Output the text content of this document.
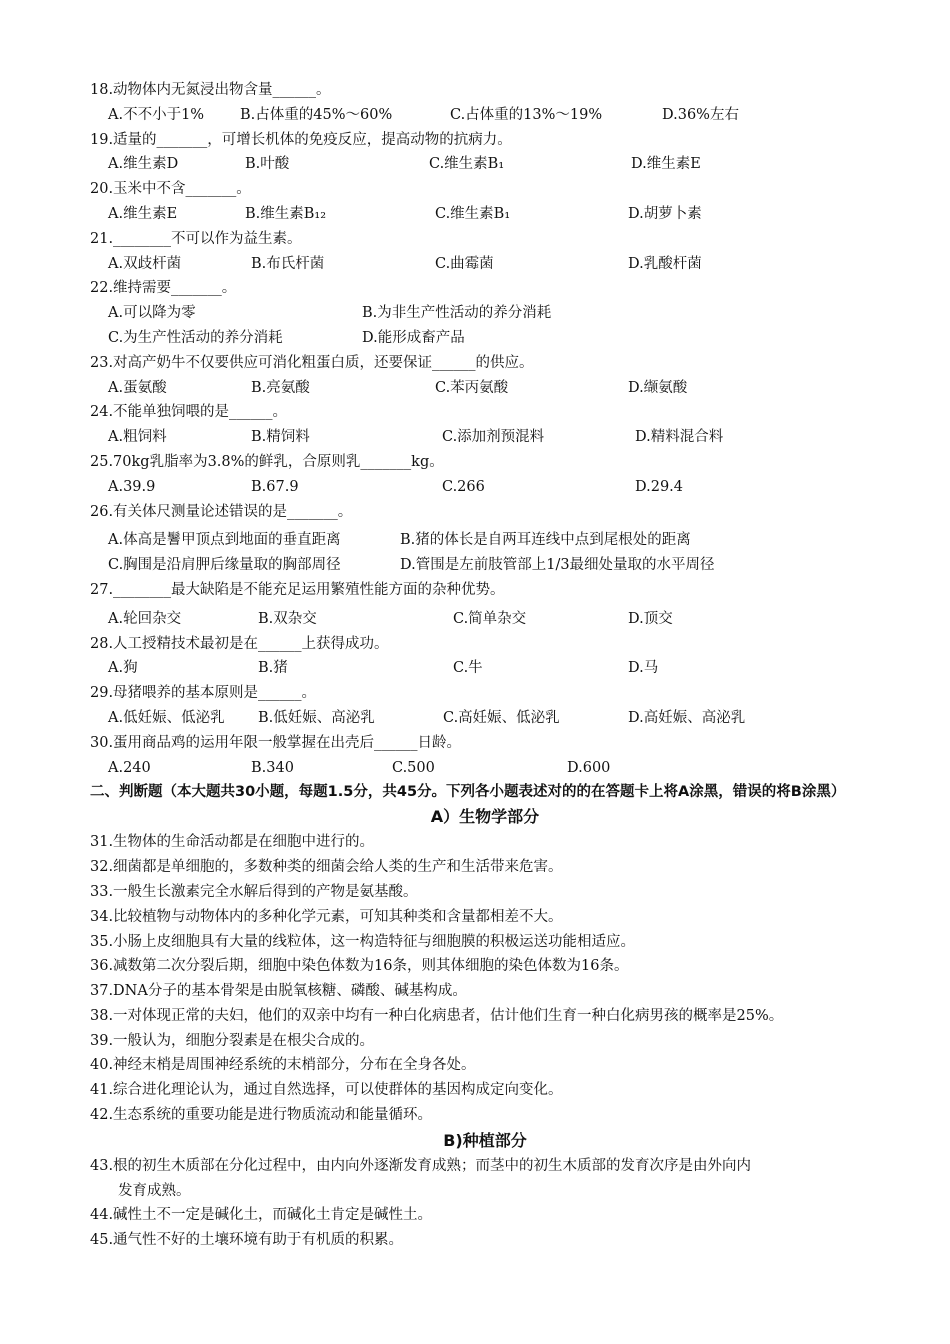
18.动物体内无氮浸出物含量______。
A.不不小于1%	B.占体重的45%～60%	C.占体重的13%～19%	D.36%左右
19.适量的_______，可增长机体的免疫反应，提高动物的抗病力。
A.维生素D	B.叶酸	C.维生素B₁	D.维生素E
20.玉米中不含_______。
A.维生素E	B.维生素B₁₂	C.维生素B₁	D.胡萝卜素
21.________不可以作为益生素。
A.双歧杆菌	B.布氏杆菌	C.曲霉菌	D.乳酸杆菌
22.维持需要_______。
A.可以降为零	B.为非生产性活动的养分消耗
C.为生产性活动的养分消耗	D.能形成畜产品
23.对高产奶牛不仅要供应可消化粗蛋白质，还要保证______的供应。
A.蛋氨酸	B.亮氨酸	C.苯丙氨酸	D.缬氨酸
24.不能单独饲喂的是______。
A.粗饲料	B.精饲料	C.添加剂预混料	D.精料混合料
25.70kg乳脂率为3.8%的鲜乳，合原则乳_______kg。
A.39.9	B.67.9	C.266	D.29.4
26.有关体尺测量论述错误的是_______。
A.体高是鬐甲顶点到地面的垂直距离	B.猪的体长是自两耳连线中点到尾根处的距离
C.胸围是沿肩胛后缘量取的胸部周径	D.管围是左前肢管部上1/3最细处量取的水平周径
27.________最大缺陷是不能充足运用繁殖性能方面的杂种优势。
A.轮回杂交	B.双杂交	C.简单杂交	D.顶交
28.人工授精技术最初是在______上获得成功。
A.狗	B.猪	C.牛	D.马
29.母猪喂养的基本原则是______。
A.低妊娠、低泌乳	B.低妊娠、高泌乳	C.高妊娠、低泌乳	D.高妊娠、高泌乳
30.蛋用商品鸡的运用年限一般掌握在出壳后______日龄。
A.240	B.340	C.500	D.600
二、判断题（本大题共30小题，每题1.5分，共45分。下列各小题表述对的的在答题卡上将A涂黑，错误的将B涂黑）
A）生物学部分
31.生物体的生命活动都是在细胞中进行的。
32.细菌都是单细胞的，多数种类的细菌会给人类的生产和生活带来危害。
33.一般生长激素完全水解后得到的产物是氨基酸。
34.比较植物与动物体内的多种化学元素，可知其种类和含量都相差不大。
35.小肠上皮细胞具有大量的线粒体，这一构造特征与细胞膜的积极运送功能相适应。
36.减数第二次分裂后期，细胞中染色体数为16条，则其体细胞的染色体数为16条。
37.DNA分子的基本骨架是由脱氧核糖、磷酸、碱基构成。
38.一对体现正常的夫妇，他们的双亲中均有一种白化病患者，估计他们生育一种白化病男孩的概率是25%。
39.一般认为，细胞分裂素是在根尖合成的。
40.神经末梢是周围神经系统的末梢部分，分布在全身各处。
41.综合进化理论认为，通过自然选择，可以使群体的基因构成定向变化。
42.生态系统的重要功能是进行物质流动和能量循环。
B)种植部分
43.根的初生木质部在分化过程中，由内向外逐渐发育成熟；而茎中的初生木质部的发育次序是由外向内
发育成熟。
44.碱性土不一定是碱化土，而碱化土肯定是碱性土。
45.通气性不好的土壤环境有助于有机质的积累。
